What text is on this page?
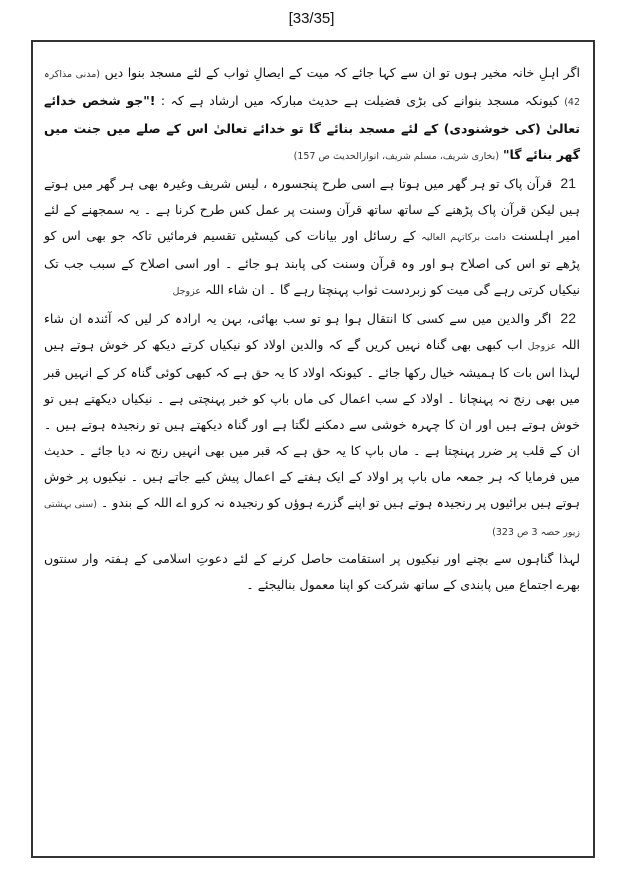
[33/35]

اگر اہلِ خانہ مخیر ہوں تو ان سے کہا جائے کہ میت کے ایصالِ ثواب کے لئے مسجد بنوا دیں (مدنی مذاکرہ 42) کیونکہ مسجد بنوانے کی بڑی فضیلت ہے حدیث مبارکہ میں ارشاد ہے کہ : !"جو شخص خدائے تعالیٰ (کی خوشنودی) کے لئے مسجد بنائے گا تو خدائے تعالیٰ اس کے صلے میں جنت میں گھر بنائے گا" (بخاری شریف، مسلم شریف، انوارالحدیث ص 157)

21 قرآن پاک تو ہر گھر میں ہوتا ہے اسی طرح پنجسورہ ، لیس شریف وغیرہ بھی ہر گھر میں ہوتے ہیں لیکن قرآن پاک پڑھنے کے ساتھ ساتھ قرآن وسنت پر عمل کس طرح کرنا ہے ۔ یہ سمجھنے کے لئے امیر اہلسنت دامت برکاتہم العالیہ کے رسائل اور بیانات کی کیسٹیں تقسیم فرمائیں تاکہ جو بھی اس کو پڑھے تو اس کی اصلاح ہو اور وہ قرآن وسنت کی پابند ہو جائے ۔ اور اسی اصلاح کے سبب جب تک نیکیاں کرتی رہے گی میت کو زبردست ثواب پہنچتا رہے گا ۔ ان شاء اللہ عزوجل

22 اگر والدین میں سے کسی کا انتقال ہوا ہو تو سب بھائی، بہن یہ ارادہ کر لیں کہ آئندہ ان شاء اللہ عزوجل اب کبھی بھی گناہ نہیں کریں گے کہ والدین اولاد کو نیکیاں کرتے دیکھ کر خوش ہوتے ہیں لہذا اس بات کا ہمیشہ خیال رکھا جائے ۔ کیونکہ اولاد کا یہ حق ہے کہ کبھی کوئی گناہ کر کے انہیں قبر میں بھی رنج نہ پہنچانا ۔ اولاد کے سب اعمال کی ماں باپ کو خبر پہنچتی ہے ۔ نیکیاں دیکھتے ہیں تو خوش ہوتے ہیں اور ان کا چہرہ خوشی سے دمکنے لگتا ہے اور گناہ دیکھتے ہیں تو رنجیدہ ہوتے ہیں ۔ ان کے قلب پر ضرر پہنچتا ہے ۔ ماں باپ کا یہ حق ہے کہ قبر میں بھی انہیں رنج نہ دیا جائے ۔ حدیث میں فرمایا کہ ہر جمعہ ماں باپ پر اولاد کے ایک ہفتے کے اعمال پیش کیے جاتے ہیں ۔ نیکیوں پر خوش ہوتے ہیں برائیوں پر رنجیدہ ہوتے ہیں تو اپنے گزرے ہوؤں کو رنجیدہ نہ کرو اے اللہ کے بندو ۔ (سنی بہشتی زیور حصہ 3 ص 323)

لہذا گناہوں سے بچنے اور نیکیوں پر استقامت حاصل کرنے کے لئے دعوتِ اسلامی کے ہفتہ وار سنتوں بھرے اجتماع میں پابندی کے ساتھ شرکت کو اپنا معمول بنالیجئے ۔
